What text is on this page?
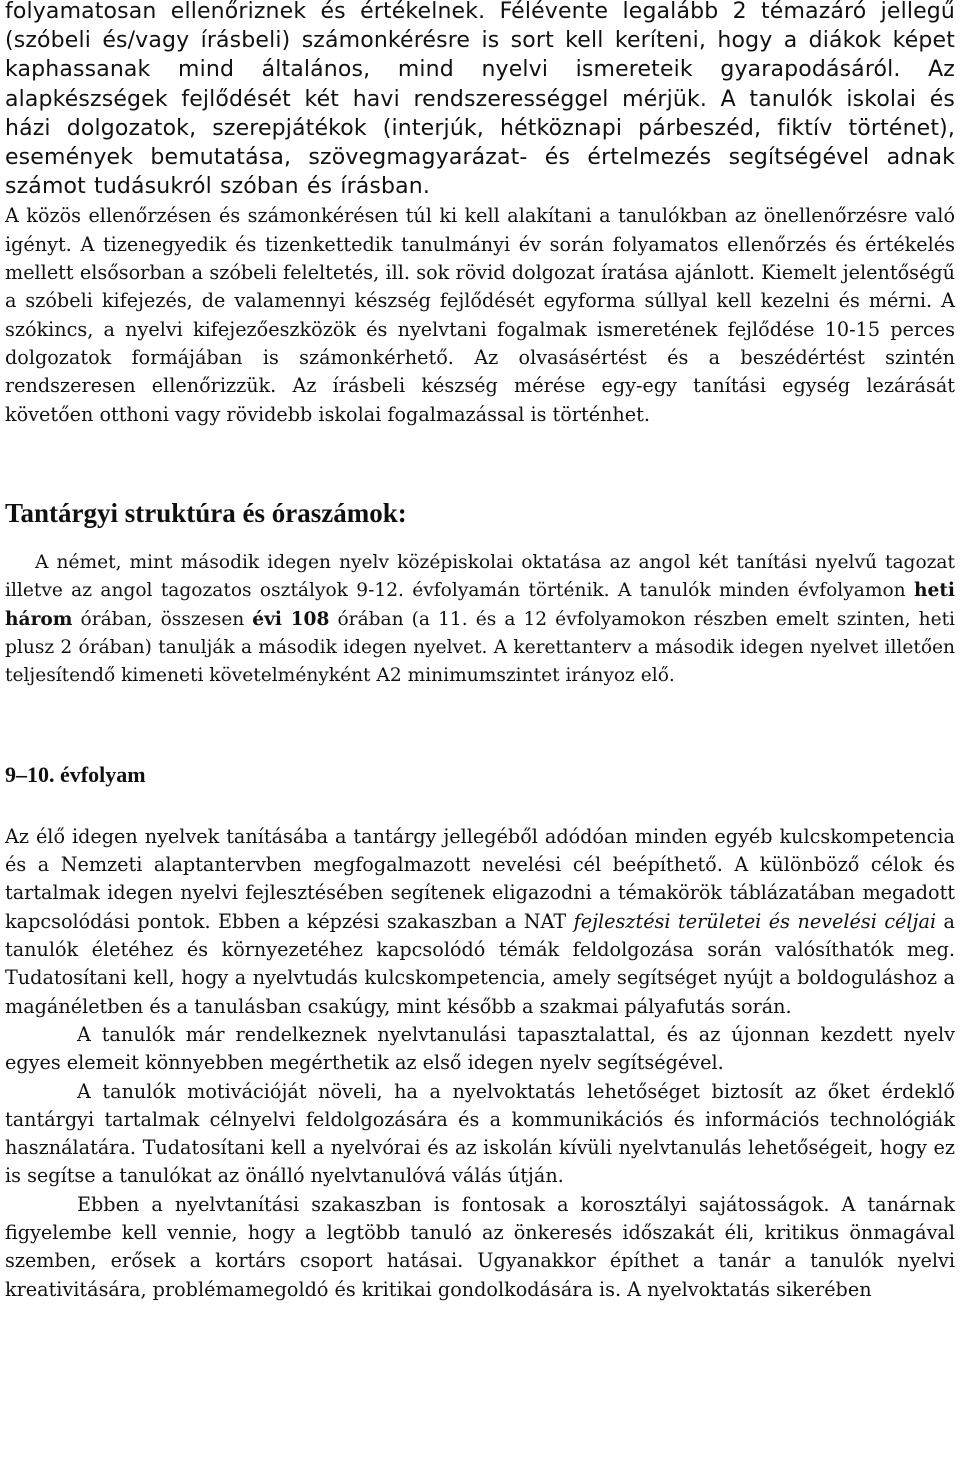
folyamatosan ellenőriznek és értékelnek. Félévente legalább 2 témazáró jellegű (szóbeli és/vagy írásbeli) számonkérésre is sort kell keríteni, hogy a diákok képet kaphassanak mind általános, mind nyelvi ismereteik gyarapodásáról. Az alapkészségek fejlődését két havi rendszerességgel mérjük. A tanulók iskolai és házi dolgozatok, szerepjátékok (interjúk, hétköznapi párbeszéd, fiktív történet), események bemutatása, szövegmagyarázat- és értelmezés segítségével adnak számot tudásukról szóban és írásban.

A közös ellenőrzésen és számonkérésen túl ki kell alakítani a tanulókban az önellenőrzésre való igényt. A tizenegyedik és tizenkettedik tanulmányi év során folyamatos ellenőrzés és értékelés mellett elsősorban a szóbeli feleltetés, ill. sok rövid dolgozat íratása ajánlott. Kiemelt jelentőségű a szóbeli kifejezés, de valamennyi készség fejlődését egyforma súllyal kell kezelni és mérni. A szókincs, a nyelvi kifejezőeszközök és nyelvtani fogalmak ismeretének fejlődése 10-15 perces dolgozatok formájában is számonkérhető. Az olvasásértést és a beszédértést szintén rendszeresen ellenőrizzük. Az írásbeli készség mérése egy-egy tanítási egység lezárását követően otthoni vagy rövidebb iskolai fogalmazással is történhet.

Tantárgyi struktúra és óraszámok:

A német, mint második idegen nyelv középiskolai oktatása az angol két tanítási nyelvű tagozat illetve az angol tagozatos osztályok 9-12. évfolyamán történik. A tanulók minden évfolyamon heti három órában, összesen évi 108 órában (a 11. és a 12 évfolyamokon részben emelt szinten, heti plusz 2 órában) tanulják a második idegen nyelvet. A kerettanterv a második idegen nyelvet illetően teljesítendő kimeneti követelményként A2 minimumszintet irányoz elő.

9–10. évfolyam

Az élő idegen nyelvek tanításába a tantárgy jellegéből adódóan minden egyéb kulcskompetencia és a Nemzeti alaptantervben megfogalmazott nevelési cél beépíthető. A különböző célok és tartalmak idegen nyelvi fejlesztésében segítenek eligazodni a témakörök táblázatában megadott kapcsolódási pontok. Ebben a képzési szakaszban a NAT fejlesztési területei és nevelési céljai a tanulók életéhez és környezetéhez kapcsolódó témák feldolgozása során valósíthatók meg. Tudatosítani kell, hogy a nyelvtudás kulcskompetencia, amely segítséget nyújt a boldoguláshoz a magánéletben és a tanulásban csakúgy, mint később a szakmai pályafutás során.

A tanulók már rendelkeznek nyelvtanulási tapasztalattal, és az újonnan kezdett nyelv egyes elemeit könnyebben megérthetik az első idegen nyelv segítségével.

A tanulók motivációját növeli, ha a nyelvoktatás lehetőséget biztosít az őket érdeklő tantárgyi tartalmak célnyelvi feldolgozására és a kommunikációs és információs technológiák használatára. Tudatosítani kell a nyelvórai és az iskolán kívüli nyelvtanulás lehetőségeit, hogy ez is segítse a tanulókat az önálló nyelvtanulóvá válás útján.

Ebben a nyelvtanítási szakaszban is fontosak a korosztályi sajátosságok. A tanárnak figyelembe kell vennie, hogy a legtöbb tanuló az önkeresés időszakát éli, kritikus önmagával szemben, erősek a kortárs csoport hatásai. Ugyanakkor építhet a tanár a tanulók nyelvi kreativitására, problémamegoldó és kritikai gondolkodására is. A nyelvoktatás sikerében
